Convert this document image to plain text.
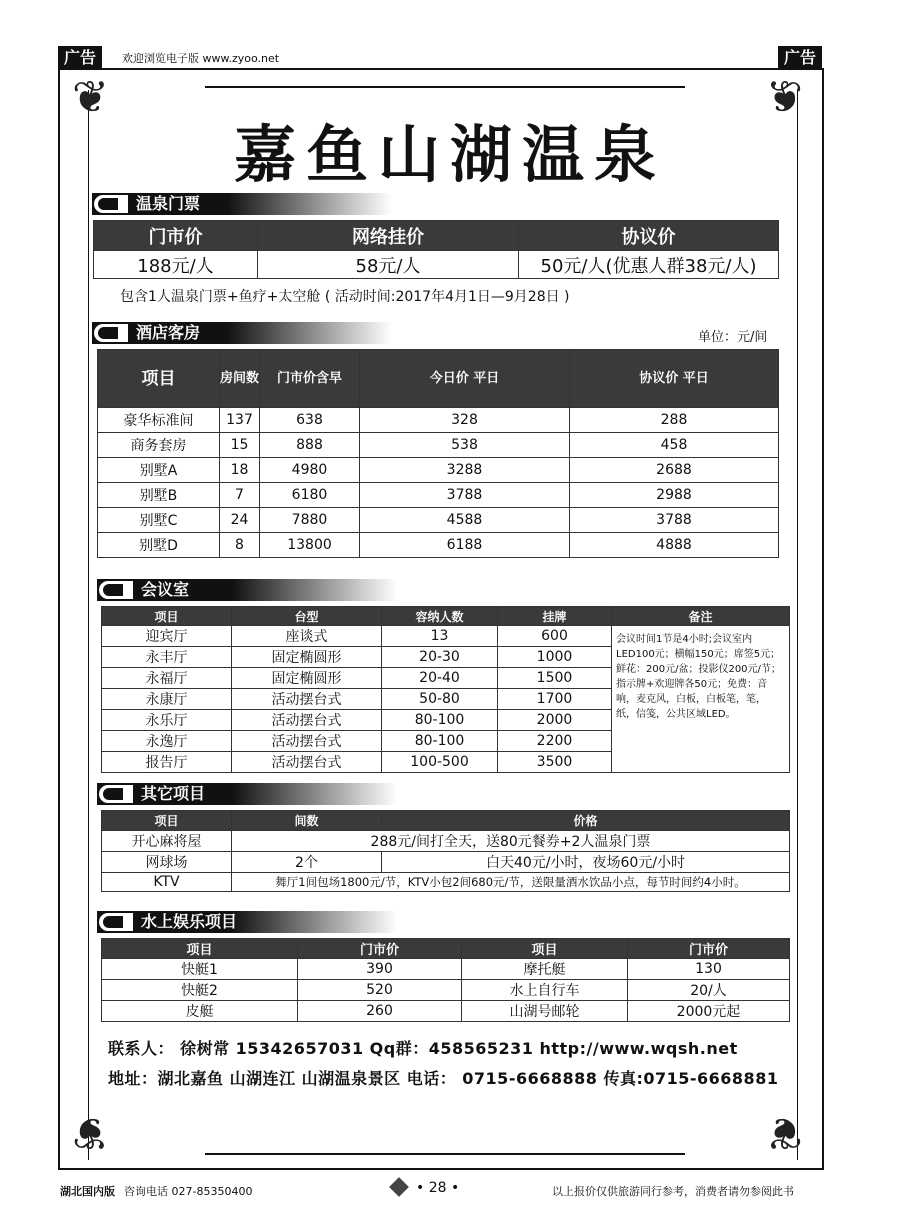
广告	欢迎浏览电子版 www.zyoo.net	广告
❦	❦
❦	❦
嘉鱼山湖温泉
温泉门票
门市价	网络挂价	协议价
188元/人	58元/人	50元/人(优惠人群38元/人)
包含1人温泉门票+鱼疗+太空舱 ( 活动时间:2017年4月1日—9月28日 )
酒店客房	单位：元/间
项目	房间数	门市价含早	今日价 平日	协议价 平日
豪华标准间	137	638	328	288
商务套房	15	888	538	458
别墅A	18	4980	3288	2688
别墅B	7	6180	3788	2988
别墅C	24	7880	4588	3788
别墅D	8	13800	6188	4888
会议室
项目	台型	容纳人数	挂牌	备注
迎宾厅	座谈式	13	600	会议时间1节是4小时;会议室内LED100元；横幅150元；席签5元；鲜花：200元/盆；投影仪200元/节；指示牌+欢迎牌各50元；免费：音响，麦克风，白板，白板笔，笔，纸，信笺，公共区域LED。
永丰厅	固定椭圆形	20-30	1000	
永福厅	固定椭圆形	20-40	1500	
永康厅	活动摆台式	50-80	1700	
永乐厅	活动摆台式	80-100	2000	
永逸厅	活动摆台式	80-100	2200	
报告厅	活动摆台式	100-500	3500	
其它项目
项目	间数	价格
开心麻将屋	288元/间打全天，送80元餐券+2人温泉门票	
网球场	2个	白天40元/小时，夜场60元/小时
KTV	舞厅1间包场1800元/节，KTV小包2间680元/节，送限量酒水饮品小点，每节时间约4小时。	
水上娱乐项目
项目	门市价	项目	门市价
快艇1	390	摩托艇	130
快艇2	520	水上自行车	20/人
皮艇	260	山湖号邮轮	2000元起
联系人： 徐树常 15342657031 Qq群：458565231 http://www.wqsh.net
地址：湖北嘉鱼 山湖连江 山湖温泉景区 电话： 0715-6668888 传真:0715-6668881
湖北国内版 咨询电话 027-85350400	• 28 •	以上报价仅供旅游同行参考，消费者请勿参阅此书
